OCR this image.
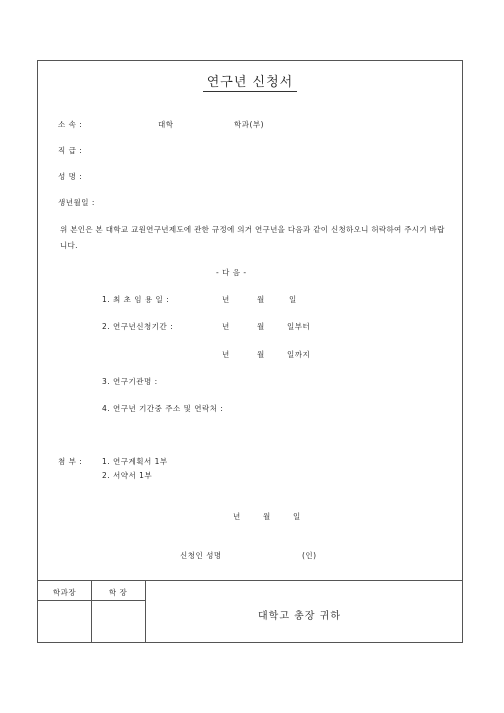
연구년 신청서
소 속 :	대학	학과(부)
직 급 :
성 명 :
생년월일 :
위 본인은 본 대학교 교원연구년제도에 관한 규정에 의거 연구년을 다음과 같이 신청하오니 허락하여 주시기 바랍니다.
- 다 음 -
1. 최 초 임 용 일 :	년	월	일
2. 연구년신청기간 :	년	월	일부터
년	월	일까지
3. 연구기관명 :
4. 연구년 기간중 주소 및 연락처 :
첨 부 :	1. 연구계획서 1부
2. 서약서 1부
년	월	일
신청인 성명	(인)
학과장	학 장
대학고 총장 귀하
